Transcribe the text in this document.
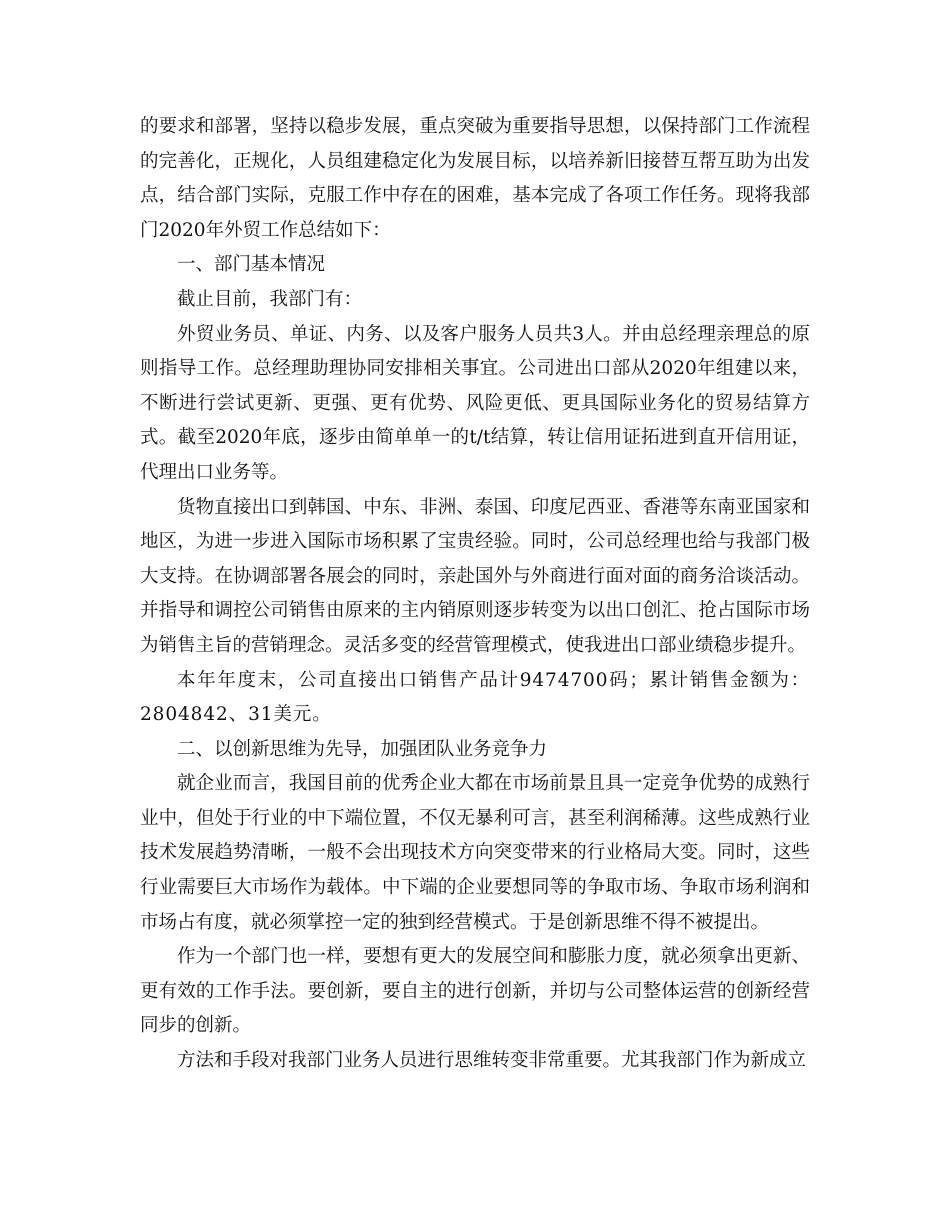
的要求和部署，坚持以稳步发展，重点突破为重要指导思想，以保持部门工作流程的完善化，正规化，人员组建稳定化为发展目标，以培养新旧接替互帮互助为出发点，结合部门实际，克服工作中存在的困难，基本完成了各项工作任务。现将我部门2020年外贸工作总结如下：

一、部门基本情况

截止目前，我部门有：

外贸业务员、单证、内务、以及客户服务人员共3人。并由总经理亲理总的原则指导工作。总经理助理协同安排相关事宜。公司进出口部从2020年组建以来，不断进行尝试更新、更强、更有优势、风险更低、更具国际业务化的贸易结算方式。截至2020年底，逐步由简单单一的t/t结算，转让信用证拓进到直开信用证，代理出口业务等。

货物直接出口到韩国、中东、非洲、泰国、印度尼西亚、香港等东南亚国家和地区，为进一步进入国际市场积累了宝贵经验。同时，公司总经理也给与我部门极大支持。在协调部署各展会的同时，亲赴国外与外商进行面对面的商务洽谈活动。并指导和调控公司销售由原来的主内销原则逐步转变为以出口创汇、抢占国际市场为销售主旨的营销理念。灵活多变的经营管理模式，使我进出口部业绩稳步提升。

本年年度末，公司直接出口销售产品计9474700码；累计销售金额为：2804842、31美元。

二、以创新思维为先导，加强团队业务竞争力

就企业而言，我国目前的优秀企业大都在市场前景且具一定竞争优势的成熟行业中，但处于行业的中下端位置，不仅无暴利可言，甚至利润稀薄。这些成熟行业技术发展趋势清晰，一般不会出现技术方向突变带来的行业格局大变。同时，这些行业需要巨大市场作为载体。中下端的企业要想同等的争取市场、争取市场利润和市场占有度，就必须掌控一定的独到经营模式。于是创新思维不得不被提出。

作为一个部门也一样，要想有更大的发展空间和膨胀力度，就必须拿出更新、更有效的工作手法。要创新，要自主的进行创新，并切与公司整体运营的创新经营同步的创新。

方法和手段对我部门业务人员进行思维转变非常重要。尤其我部门作为新成立
